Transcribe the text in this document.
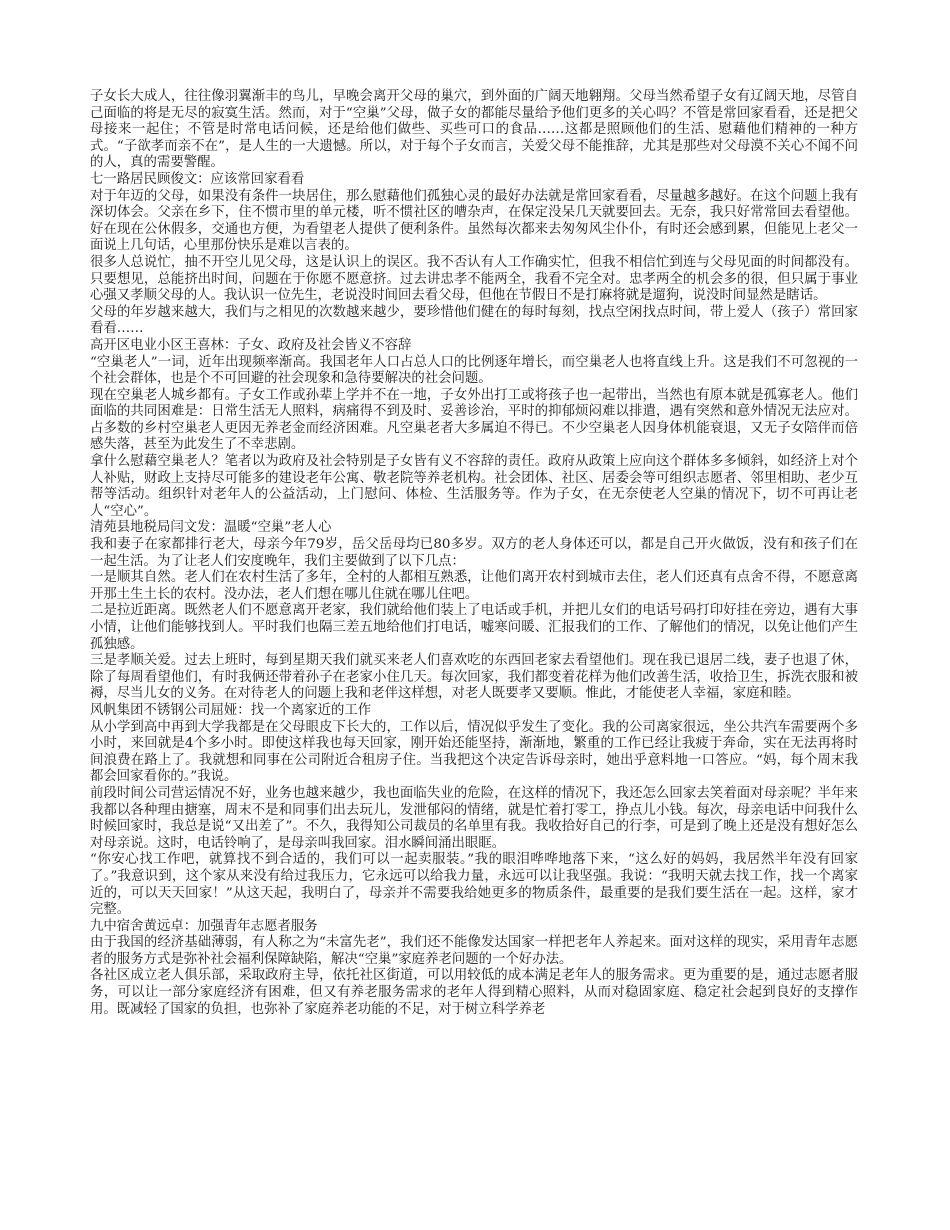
子女长大成人，往往像羽翼渐丰的鸟儿，早晚会离开父母的巢穴，到外面的广阔天地翱翔。父母当然希望子女有辽阔天地，尽管自己面临的将是无尽的寂寞生活。然而，对于“空巢”父母，做子女的都能尽量给予他们更多的关心吗？不管是常回家看看，还是把父母接来一起住；不管是时常电话问候，还是给他们做些、买些可口的食品……这都是照顾他们的生活、慰藉他们精神的一种方式。“子欲孝而亲不在”，是人生的一大遗憾。所以，对于每个子女而言，关爱父母不能推辞，尤其是那些对父母漠不关心不闻不问的人，真的需要警醒。

七一路居民顾俊文：应该常回家看看

对于年迈的父母，如果没有条件一块居住，那么慰藉他们孤独心灵的最好办法就是常回家看看，尽量越多越好。在这个问题上我有深切体会。父亲在乡下，住不惯市里的单元楼，听不惯社区的嘈杂声，在保定没呆几天就要回去。无奈，我只好常常回去看望他。好在现在公休假多，交通也方便，为看望老人提供了便利条件。虽然每次都来去匆匆风尘仆仆，有时还会感到累，但能见上老父一面说上几句话，心里那份快乐是难以言表的。

很多人总说忙，抽不开空儿见父母，这是认识上的误区。我不否认有人工作确实忙，但我不相信忙到连与父母见面的时间都没有。只要想见，总能挤出时间，问题在于你愿不愿意挤。过去讲忠孝不能两全，我看不完全对。忠孝两全的机会多的很，但只属于事业心强又孝顺父母的人。我认识一位先生，老说没时间回去看父母，但他在节假日不是打麻将就是遛狗，说没时间显然是瞎话。

父母的年岁越来越大，我们与之相见的次数越来越少，要珍惜他们健在的每时每刻，找点空闲找点时间，带上爱人（孩子）常回家看看……

高开区电业小区王喜林：子女、政府及社会皆义不容辞

“空巢老人”一词，近年出现频率渐高。我国老年人口占总人口的比例逐年增长，而空巢老人也将直线上升。这是我们不可忽视的一个社会群体，也是个不可回避的社会现象和急待要解决的社会问题。

现在空巢老人城乡都有。子女工作或孙辈上学并不在一地，子女外出打工或将孩子也一起带出，当然也有原本就是孤寡老人。他们面临的共同困难是：日常生活无人照料，病痛得不到及时、妥善诊治，平时的抑郁烦闷难以排遣，遇有突然和意外情况无法应对。占多数的乡村空巢老人更因无养老金而经济困难。凡空巢老者大多属迫不得已。不少空巢老人因身体机能衰退，又无子女陪伴而倍感失落，甚至为此发生了不幸悲剧。

拿什么慰藉空巢老人？笔者以为政府及社会特别是子女皆有义不容辞的责任。政府从政策上应向这个群体多多倾斜，如经济上对个人补贴，财政上支持尽可能多的建设老年公寓、敬老院等养老机构。社会团体、社区、居委会等可组织志愿者、邻里相助、老少互帮等活动。组织针对老年人的公益活动，上门慰问、体检、生活服务等。作为子女，在无奈使老人空巢的情况下，切不可再让老人“空心”。

清苑县地税局闫文发：温暖“空巢”老人心

我和妻子在家都排行老大，母亲今年79岁，岳父岳母均已80多岁。双方的老人身体还可以，都是自己开火做饭，没有和孩子们在一起生活。为了让老人们安度晚年，我们主要做到了以下几点：

一是顺其自然。老人们在农村生活了多年，全村的人都相互熟悉，让他们离开农村到城市去住，老人们还真有点舍不得，不愿意离开那土生土长的农村。没办法，老人们想在哪儿住就在哪儿住吧。

二是拉近距离。既然老人们不愿意离开老家，我们就给他们装上了电话或手机，并把儿女们的电话号码打印好挂在旁边，遇有大事小情，让他们能够找到人。平时我们也隔三差五地给他们打电话，嘘寒问暖、汇报我们的工作、了解他们的情况，以免让他们产生孤独感。

三是孝顺关爱。过去上班时，每到星期天我们就买来老人们喜欢吃的东西回老家去看望他们。现在我已退居二线，妻子也退了休，除了每周看望他们，有时我俩还带着孙子在老家小住几天。每次回家，我们都变着花样为他们改善生活，收拾卫生，拆洗衣服和被褥，尽当儿女的义务。在对待老人的问题上我和老伴这样想，对老人既要孝又要顺。惟此，才能使老人幸福，家庭和睦。

风帆集团不锈钢公司屈娅：找一个离家近的工作

从小学到高中再到大学我都是在父母眼皮下长大的，工作以后，情况似乎发生了变化。我的公司离家很远，坐公共汽车需要两个多小时，来回就是4个多小时。即使这样我也每天回家，刚开始还能坚持，渐渐地，繁重的工作已经让我疲于奔命，实在无法再将时间浪费在路上了。我就想和同事在公司附近合租房子住。当我把这个决定告诉母亲时，她出乎意料地一口答应。“妈，每个周末我都会回家看你的。”我说。

前段时间公司营运情况不好，业务也越来越少，我也面临失业的危险，在这样的情况下，我还怎么回家去笑着面对母亲呢？半年来我都以各种理由搪塞，周末不是和同事们出去玩儿，发泄郁闷的情绪，就是忙着打零工，挣点儿小钱。每次，母亲电话中问我什么时候回家时，我总是说“又出差了”。不久，我得知公司裁员的名单里有我。我收拾好自己的行李，可是到了晚上还是没有想好怎么对母亲说。这时，电话铃响了，是母亲叫我回家。泪水瞬间涌出眼眶。

“你安心找工作吧，就算找不到合适的，我们可以一起卖服装。”我的眼泪哗哗地落下来，“这么好的妈妈，我居然半年没有回家了。”我意识到，这个家从来没有给过我压力，它永远可以给我力量，永远可以让我坚强。我说：“我明天就去找工作，找一个离家近的，可以天天回家！”从这天起，我明白了，母亲并不需要我给她更多的物质条件，最重要的是我们要生活在一起。这样，家才完整。

九中宿舍黄远卓：加强青年志愿者服务

由于我国的经济基础薄弱，有人称之为“未富先老”，我们还不能像发达国家一样把老年人养起来。面对这样的现实，采用青年志愿者的服务方式是弥补社会福利保障缺陷，解决“空巢”家庭养老问题的一个好办法。

各社区成立老人俱乐部，采取政府主导，依托社区街道，可以用较低的成本满足老年人的服务需求。更为重要的是，通过志愿者服务，可以让一部分家庭经济有困难，但又有养老服务需求的老年人得到精心照料，从而对稳固家庭、稳定社会起到良好的支撑作用。既减轻了国家的负担，也弥补了家庭养老功能的不足，对于树立科学养老
